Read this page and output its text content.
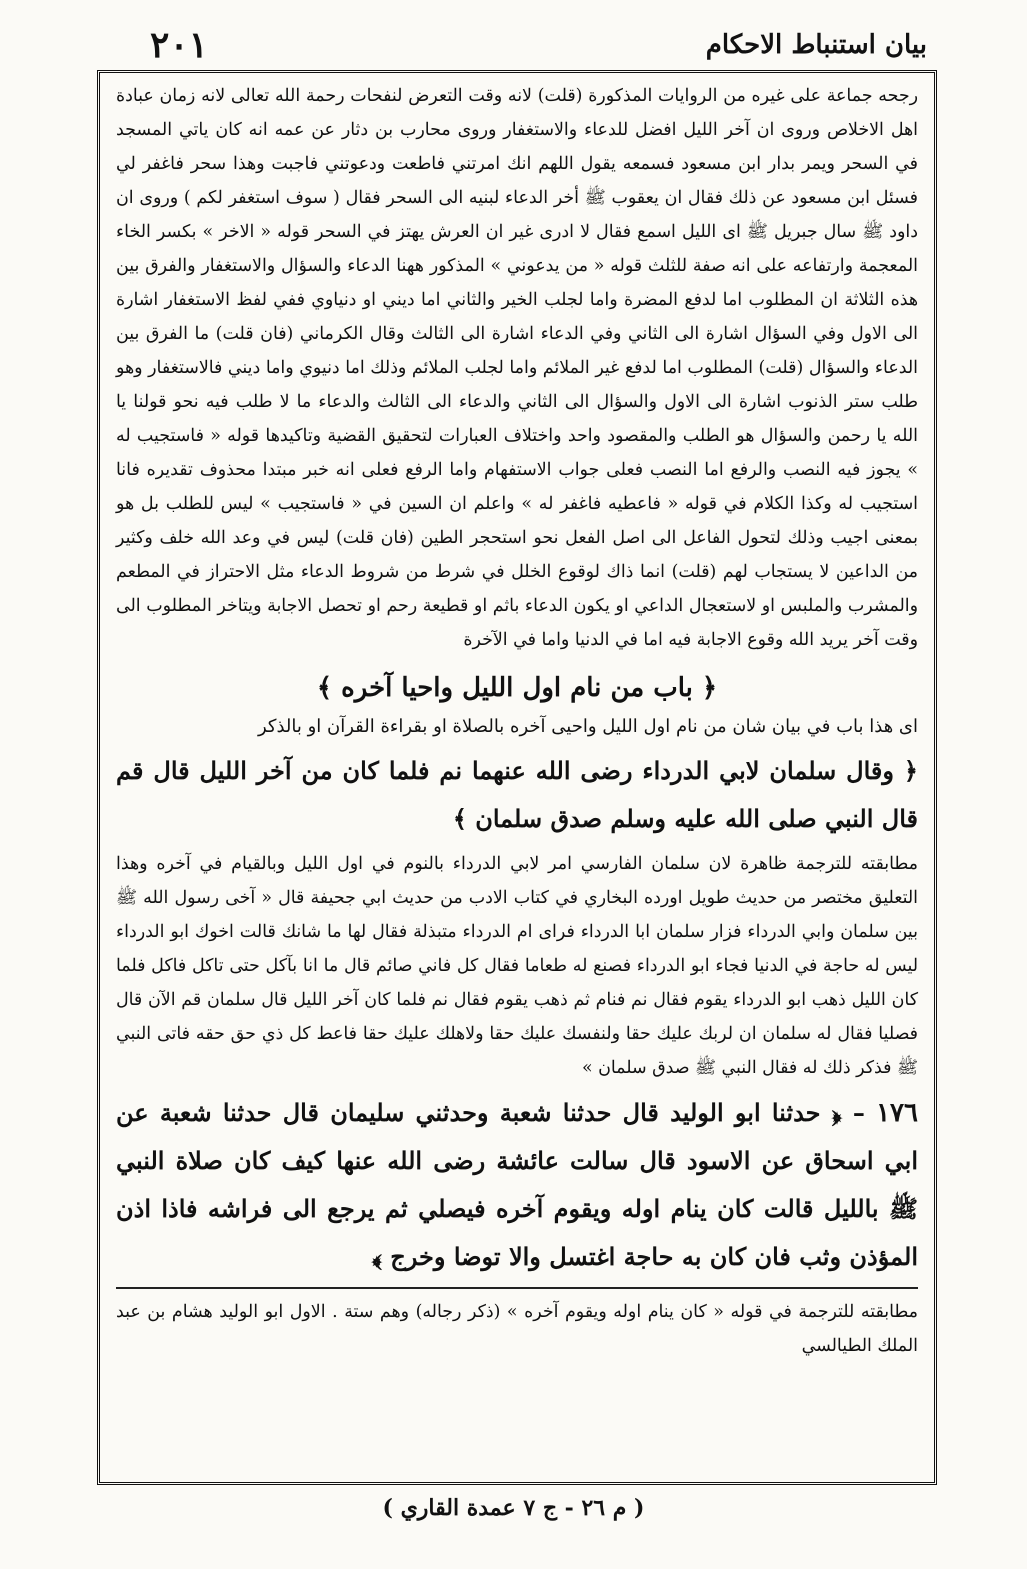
٢٠١	بيان استنباط الاحكام

رجحه جماعة على غيره من الروايات المذكورة (قلت) لانه وقت التعرض لنفحات رحمة الله تعالى لانه زمان عبادة اهل الاخلاص وروى ان آخر الليل افضل للدعاء والاستغفار وروى محارب بن دثار عن عمه انه كان ياتي المسجد في السحر ويمر بدار ابن مسعود فسمعه يقول اللهم انك امرتني فاطعت ودعوتني فاجبت وهذا سحر فاغفر لي فسئل ابن مسعود عن ذلك فقال ان يعقوب ﷺ أخر الدعاء لبنيه الى السحر فقال ( سوف استغفر لكم ) وروى ان داود ﷺ سال جبريل ﷺ اى الليل اسمع فقال لا ادرى غير ان العرش يهتز في السحر قوله « الاخر » بكسر الخاء المعجمة وارتفاعه على انه صفة للثلث قوله « من يدعوني » المذكور ههنا الدعاء والسؤال والاستغفار والفرق بين هذه الثلاثة ان المطلوب اما لدفع المضرة واما لجلب الخير والثاني اما ديني او دنياوي ففي لفظ الاستغفار اشارة الى الاول وفي السؤال اشارة الى الثاني وفي الدعاء اشارة الى الثالث وقال الكرماني (فان قلت) ما الفرق بين الدعاء والسؤال (قلت) المطلوب اما لدفع غير الملائم واما لجلب الملائم وذلك اما دنيوي واما ديني فالاستغفار وهو طلب ستر الذنوب اشارة الى الاول والسؤال الى الثاني والدعاء الى الثالث والدعاء ما لا طلب فيه نحو قولنا يا الله يا رحمن والسؤال هو الطلب والمقصود واحد واختلاف العبارات لتحقيق القضية وتاكيدها قوله « فاستجيب له » يجوز فيه النصب والرفع اما النصب فعلى جواب الاستفهام واما الرفع فعلى انه خبر مبتدا محذوف تقديره فانا استجيب له وكذا الكلام في قوله « فاعطيه فاغفر له » واعلم ان السين في « فاستجيب » ليس للطلب بل هو بمعنى اجيب وذلك لتحول الفاعل الى اصل الفعل نحو استحجر الطين (فان قلت) ليس في وعد الله خلف وكثير من الداعين لا يستجاب لهم (قلت) انما ذاك لوقوع الخلل في شرط من شروط الدعاء مثل الاحتراز في المطعم والمشرب والملبس او لاستعجال الداعي او يكون الدعاء باثم او قطيعة رحم او تحصل الاجابة ويتاخر المطلوب الى وقت آخر يريد الله وقوع الاجابة فيه اما في الدنيا واما في الآخرة

﴿ باب من نام اول الليل واحيا آخره ﴾

اى هذا باب في بيان شان من نام اول الليل واحيى آخره بالصلاة او بقراءة القرآن او بالذكر

﴿ وقال سلمان لابي الدرداء رضى الله عنهما نم فلما كان من آخر الليل قال قم قال النبي صلى الله عليه وسلم صدق سلمان ﴾

مطابقته للترجمة ظاهرة لان سلمان الفارسي امر لابي الدرداء بالنوم في اول الليل وبالقيام في آخره وهذا التعليق مختصر من حديث طويل اورده البخاري في كتاب الادب من حديث ابي جحيفة قال « آخى رسول الله ﷺ بين سلمان وابي الدرداء فزار سلمان ابا الدرداء فراى ام الدرداء متبذلة فقال لها ما شانك قالت اخوك ابو الدرداء ليس له حاجة في الدنيا فجاء ابو الدرداء فصنع له طعاما فقال كل فاني صائم قال ما انا بآكل حتى تاكل فاكل فلما كان الليل ذهب ابو الدرداء يقوم فقال نم فنام ثم ذهب يقوم فقال نم فلما كان آخر الليل قال سلمان قم الآن قال فصليا فقال له سلمان ان لربك عليك حقا ولنفسك عليك حقا ولاهلك عليك حقا فاعط كل ذي حق حقه فاتى النبي ﷺ فذكر ذلك له فقال النبي ﷺ صدق سلمان »

١٧٦ – ﴿ حدثنا ابو الوليد قال حدثنا شعبة وحدثني سليمان قال حدثنا شعبة عن ابي اسحاق عن الاسود قال سالت عائشة رضى الله عنها كيف كان صلاة النبي ﷺ بالليل قالت كان ينام اوله ويقوم آخره فيصلي ثم يرجع الى فراشه فاذا اذن المؤذن وثب فان كان به حاجة اغتسل والا توضا وخرج ﴾

مطابقته للترجمة في قوله « كان ينام اوله ويقوم آخره » (ذكر رجاله) وهم ستة . الاول ابو الوليد هشام بن عبد الملك الطيالسي

( م ٢٦ - ج ٧ عمدة القاري )
